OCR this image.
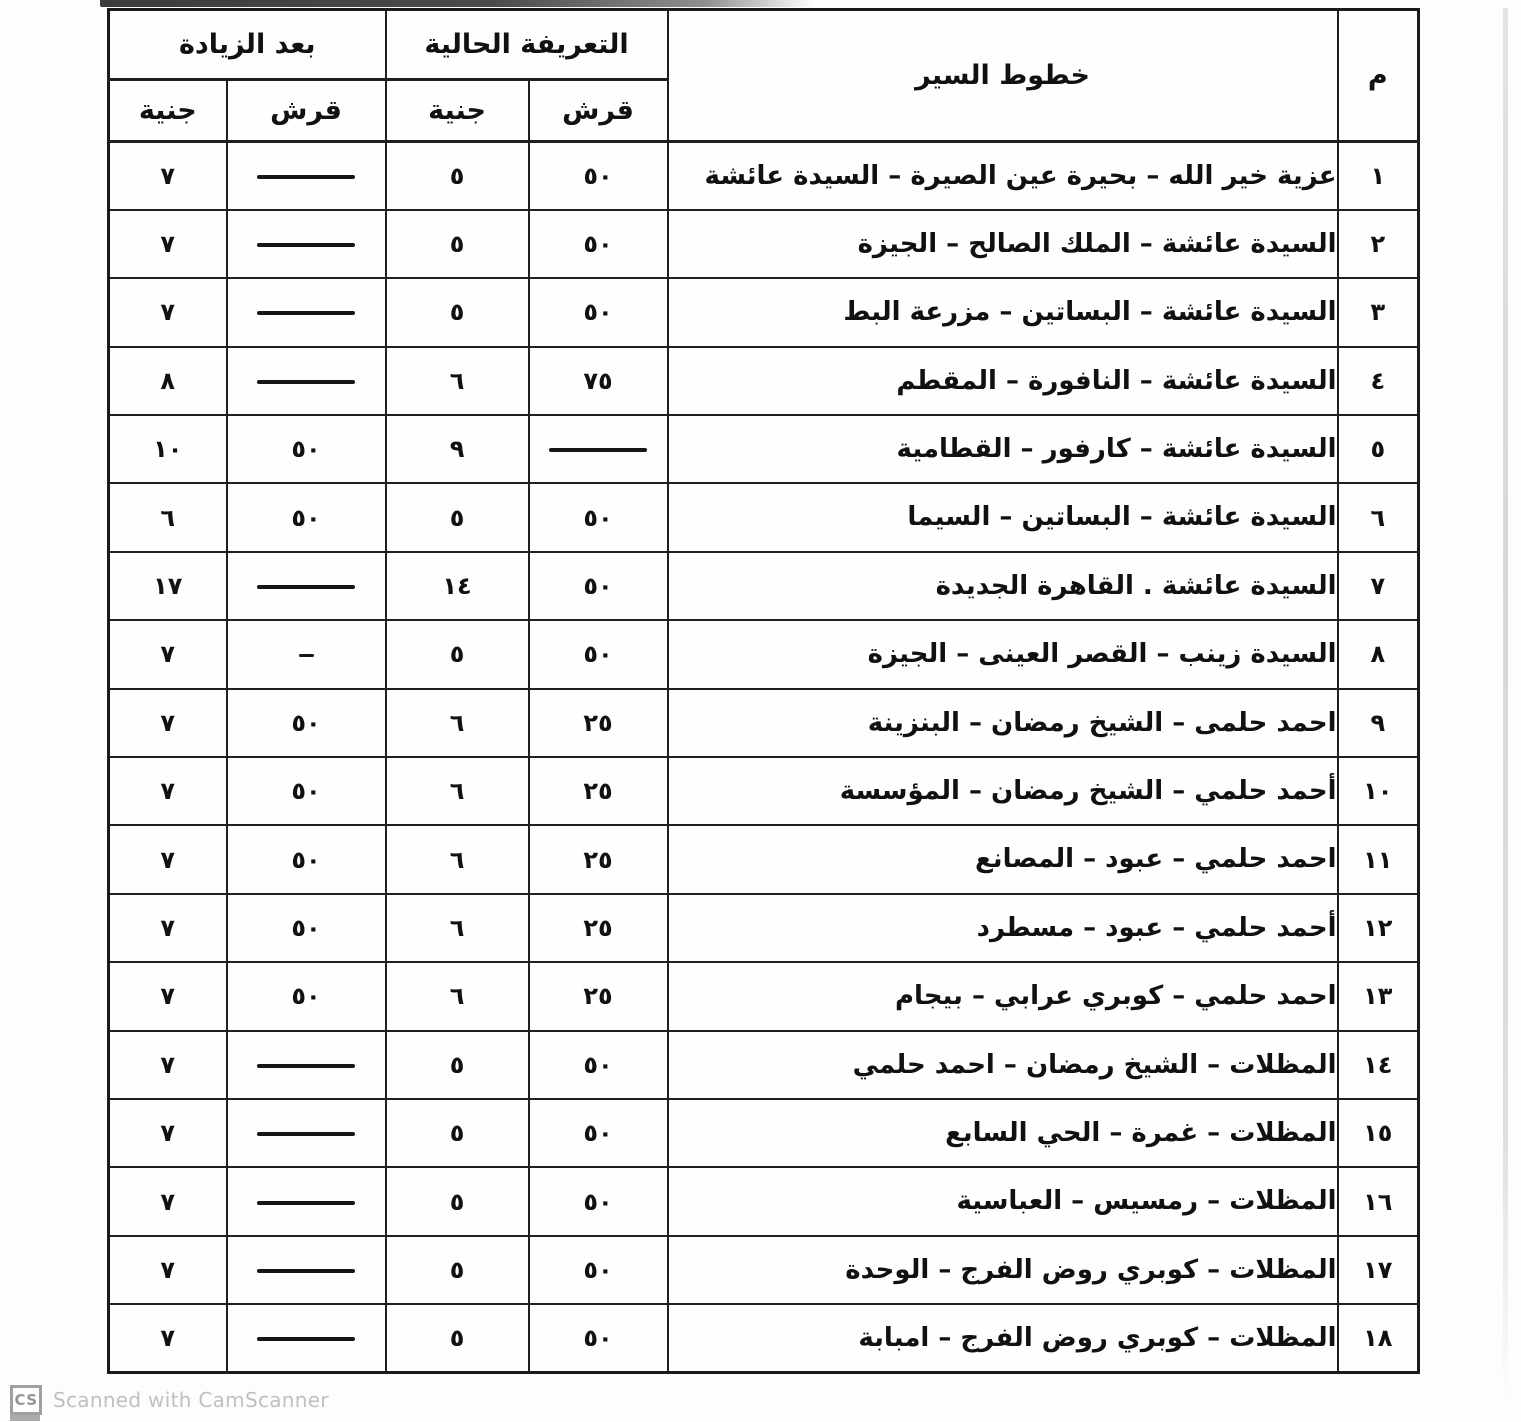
م	خطوط السير	التعريفة الحالية		بعد الزيادة	
		قرش	جنية	قرش	جنية
١	عزية خير الله – بحيرة عين الصيرة – السيدة عائشة	٥٠	٥		٧
٢	السيدة عائشة – الملك الصالح – الجيزة	٥٠	٥		٧
٣	السيدة عائشة – البساتين – مزرعة البط	٥٠	٥		٧
٤	السيدة عائشة – النافورة – المقطم	٧٥	٦		٨
٥	السيدة عائشة – كارفور – القطامية		٩	٥٠	١٠
٦	السيدة عائشة – البساتين – السيما	٥٠	٥	٥٠	٦
٧	السيدة عائشة . القاهرة الجديدة	٥٠	١٤		١٧
٨	السيدة زينب – القصر العينى – الجيزة	٥٠	٥		٧
٩	احمد حلمى – الشيخ رمضان – البنزينة	٢٥	٦	٥٠	٧
١٠	أحمد حلمي – الشيخ رمضان – المؤسسة	٢٥	٦	٥٠	٧
١١	احمد حلمي – عبود – المصانع	٢٥	٦	٥٠	٧
١٢	أحمد حلمي – عبود – مسطرد	٢٥	٦	٥٠	٧
١٣	احمد حلمي – كوبري عرابي – بيجام	٢٥	٦	٥٠	٧
١٤	المظلات – الشيخ رمضان – احمد حلمي	٥٠	٥		٧
١٥	المظلات – غمرة – الحي السابع	٥٠	٥		٧
١٦	المظلات – رمسيس – العباسية	٥٠	٥		٧
١٧	المظلات – كوبري روض الفرج – الوحدة	٥٠	٥		٧
١٨	المظلات – كوبري روض الفرج – امبابة	٥٠	٥		٧
CS Scanned with CamScanner
